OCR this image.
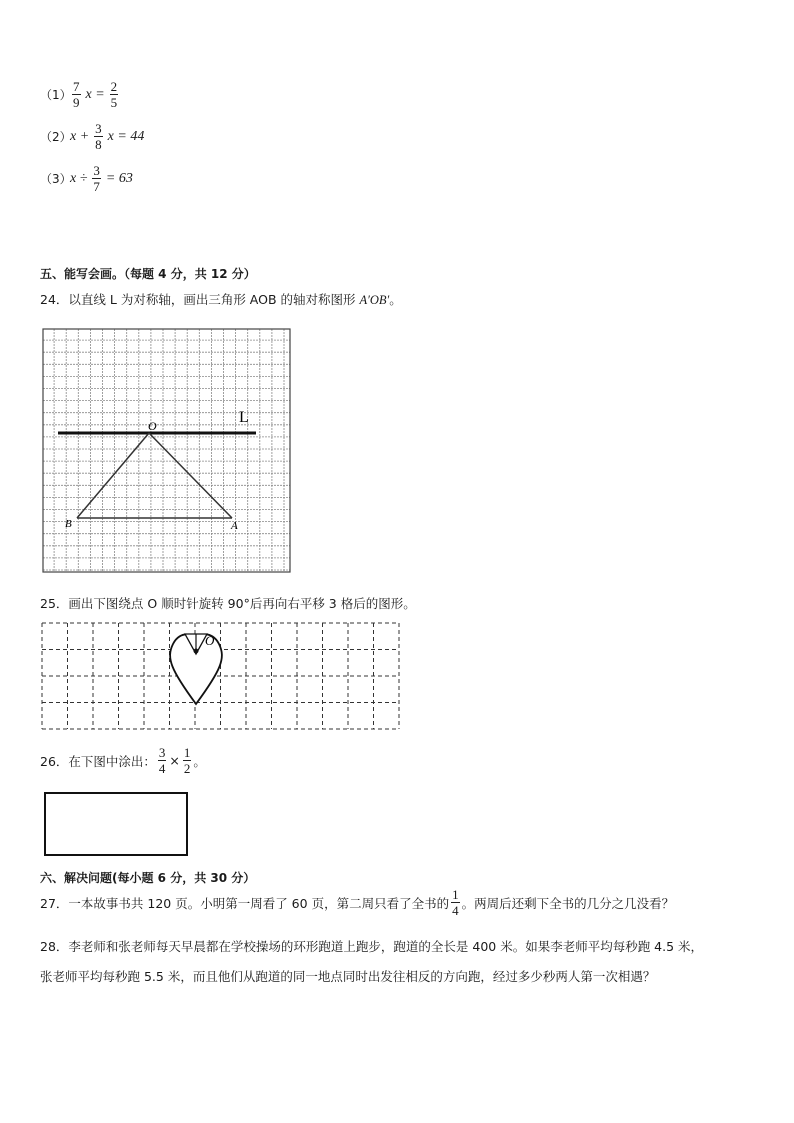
$(1) \frac{7}{9}$ $x = \frac{2}{5}$
（2）
$x + \frac{3}{8}$ x = 44
（3）
$x \div \frac{3}{7} = 63$
五、能写会画。（每题 4 分，共 12 分）
24．以直线 L 为对称轴，画出三角形 AOB 的轴对称图形 A′OB′。
L
O
A
B
25．画出下图绕点 O 顺时针旋转 90°后再向右平移 3 格后的图形。
O
26．在下图中涂出： $\frac{3}{4} \times \frac{1}{2}$ 。
六、解决问题(每小题 6 分，共 30 分）
27．一本故事书共 120 页。小明第一周看了 60 页，第二周只看了全书的 $\frac{1}{4}$ 。两周后还剩下全书的几分之几没看？
28．李老师和张老师每天早晨都在学校操场的环形跑道上跑步，跑道的全长是 400 米。如果李老师平均每秒跑 4.5 米，
张老师平均每秒跑 5.5 米，而且他们从跑道的同一地点同时出发往相反的方向跑，经过多少秒两人第一次相遇？
